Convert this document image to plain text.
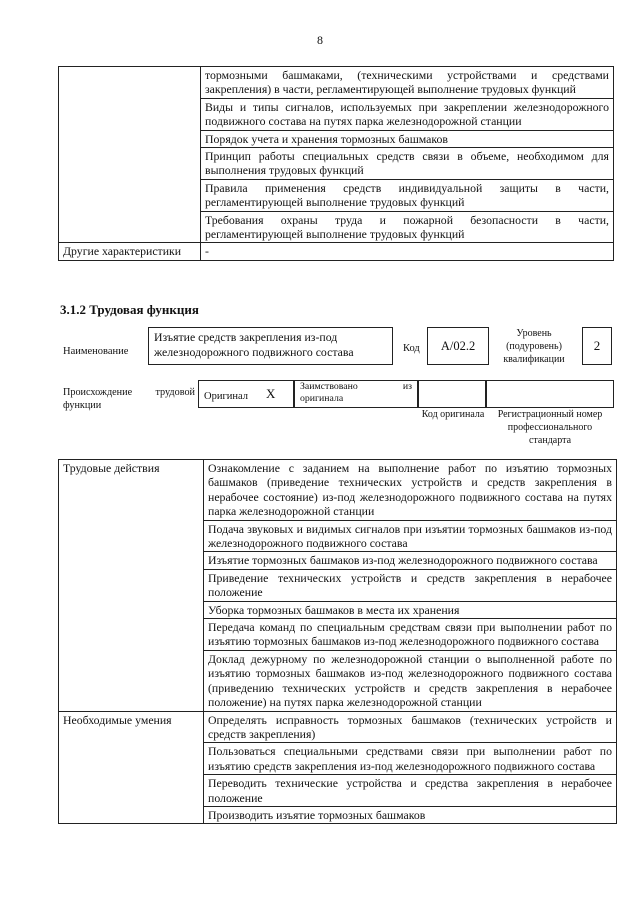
8
	тормозными башмаками, (техническими устройствами и средствами закрепления) в части, регламентирующей выполнение трудовых функций
	Виды и типы сигналов, используемых при закреплении железнодорожного подвижного состава на путях парка железнодорожной станции
	Порядок учета и хранения тормозных башмаков
	Принцип работы специальных средств связи в объеме, необходимом для выполнения трудовых функций
	Правила применения средств индивидуальной защиты в части, регламентирующей выполнение трудовых функций
	Требования охраны труда и пожарной безопасности в части, регламентирующей выполнение трудовых функций
Другие характеристики	-
3.1.2 Трудовая функция
Наименование
Изъятие средств закрепления из-под железнодорожного подвижного состава	Код	A/02.2
Уровень (подуровень) квалификации
2
Происхождение трудовой функции
Оригинал X	Заимствовано из оригинала
Код оригинала	Регистрационный номер профессионального стандарта
Трудовые действия	Ознакомление с заданием на выполнение работ по изъятию тормозных башмаков (приведение технических устройств и средств закрепления в нерабочее состояние) из-под железнодорожного подвижного состава на путях парка железнодорожной станции
	Подача звуковых и видимых сигналов при изъятии тормозных башмаков из-под железнодорожного подвижного состава
	Изъятие тормозных башмаков из-под железнодорожного подвижного состава
	Приведение технических устройств и средств закрепления в нерабочее положение
	Уборка тормозных башмаков в места их хранения
	Передача команд по специальным средствам связи при выполнении работ по изъятию тормозных башмаков из-под железнодорожного подвижного состава
	Доклад дежурному по железнодорожной станции о выполненной работе по изъятию тормозных башмаков из-под железнодорожного подвижного состава (приведению технических устройств и средств закрепления в нерабочее положение) на путях парка железнодорожной станции
Необходимые умения	Определять исправность тормозных башмаков (технических устройств и средств закрепления)
	Пользоваться специальными средствами связи при выполнении работ по изъятию средств закрепления из-под железнодорожного подвижного состава
	Переводить технические устройства и средства закрепления в нерабочее положение
	Производить изъятие тормозных башмаков
